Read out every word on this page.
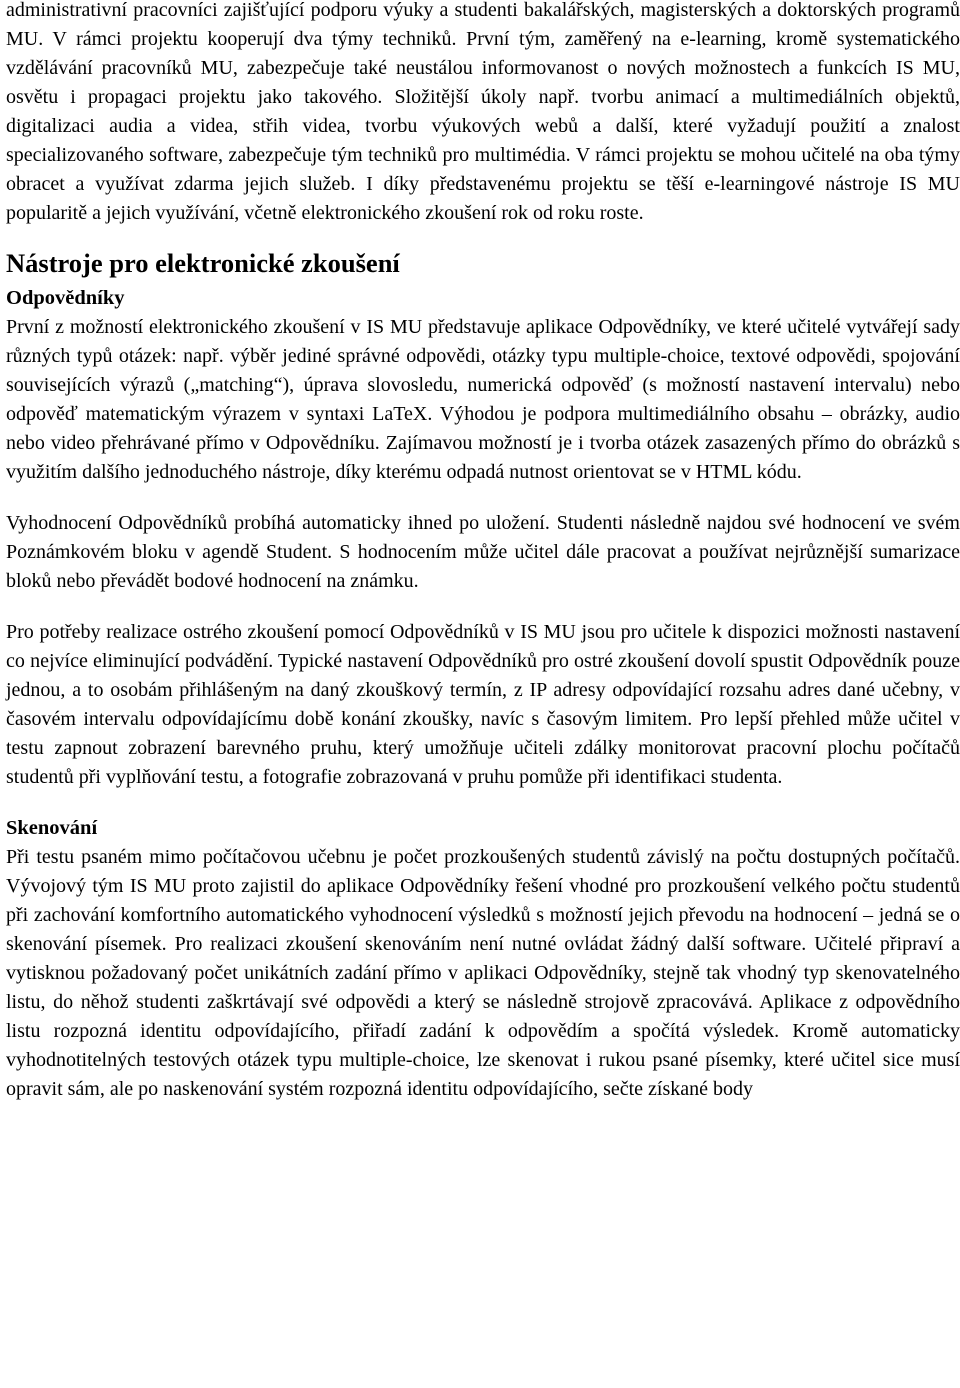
administrativní pracovníci zajišťující podporu výuky a studenti bakalářských, magisterských a doktorských programů MU. V rámci projektu kooperují dva týmy techniků. První tým, zaměřený na e-learning, kromě systematického vzdělávání pracovníků MU, zabezpečuje také neustálou informovanost o nových možnostech a funkcích IS MU, osvětu i propagaci projektu jako takového. Složitější úkoly např. tvorbu animací a multimediálních objektů, digitalizaci audia a videa, střih videa, tvorbu výukových webů a další, které vyžadují použití a znalost specializovaného software, zabezpečuje tým techniků pro multimédia. V rámci projektu se mohou učitelé na oba týmy obracet a využívat zdarma jejich služeb. I díky představenému projektu se těší e-learningové nástroje IS MU popularitě a jejich využívání, včetně elektronického zkoušení rok od roku roste.

Nástroje pro elektronické zkoušení
Odpovědníky

První z možností elektronického zkoušení v IS MU představuje aplikace Odpovědníky, ve které učitelé vytvářejí sady různých typů otázek: např. výběr jediné správné odpovědi, otázky typu multiple-choice, textové odpovědi, spojování souvisejících výrazů („matching“), úprava slovosledu, numerická odpověď (s možností nastavení intervalu) nebo odpověď matematickým výrazem v syntaxi LaTeX. Výhodou je podpora multimediálního obsahu – obrázky, audio nebo video přehrávané přímo v Odpovědníku. Zajímavou možností je i tvorba otázek zasazených přímo do obrázků s využitím dalšího jednoduchého nástroje, díky kterému odpadá nutnost orientovat se v HTML kódu.

Vyhodnocení Odpovědníků probíhá automaticky ihned po uložení. Studenti následně najdou své hodnocení ve svém Poznámkovém bloku v agendě Student. S hodnocením může učitel dále pracovat a používat nejrůznější sumarizace bloků nebo převádět bodové hodnocení na známku.

Pro potřeby realizace ostrého zkoušení pomocí Odpovědníků v IS MU jsou pro učitele k dispozici možnosti nastavení co nejvíce eliminující podvádění. Typické nastavení Odpovědníků pro ostré zkoušení dovolí spustit Odpovědník pouze jednou, a to osobám přihlášeným na daný zkouškový termín, z IP adresy odpovídající rozsahu adres dané učebny, v časovém intervalu odpovídajícímu době konání zkoušky, navíc s časovým limitem. Pro lepší přehled může učitel v testu zapnout zobrazení barevného pruhu, který umožňuje učiteli zdálky monitorovat pracovní plochu počítačů studentů při vyplňování testu, a fotografie zobrazovaná v pruhu pomůže při identifikaci studenta.

Skenování

Při testu psaném mimo počítačovou učebnu je počet prozkoušených studentů závislý na počtu dostupných počítačů. Vývojový tým IS MU proto zajistil do aplikace Odpovědníky řešení vhodné pro prozkoušení velkého počtu studentů při zachování komfortního automatického vyhodnocení výsledků s možností jejich převodu na hodnocení – jedná se o skenování písemek. Pro realizaci zkoušení skenováním není nutné ovládat žádný další software. Učitelé připraví a vytisknou požadovaný počet unikátních zadání přímo v aplikaci Odpovědníky, stejně tak vhodný typ skenovatelného listu, do něhož studenti zaškrtávají své odpovědi a který se následně strojově zpracovává. Aplikace z odpovědního listu rozpozná identitu odpovídajícího, přiřadí zadání k odpovědím a spočítá výsledek. Kromě automaticky vyhodnotitelných testových otázek typu multiple-choice, lze skenovat i rukou psané písemky, které učitel sice musí opravit sám, ale po naskenování systém rozpozná identitu odpovídajícího, sečte získané body
